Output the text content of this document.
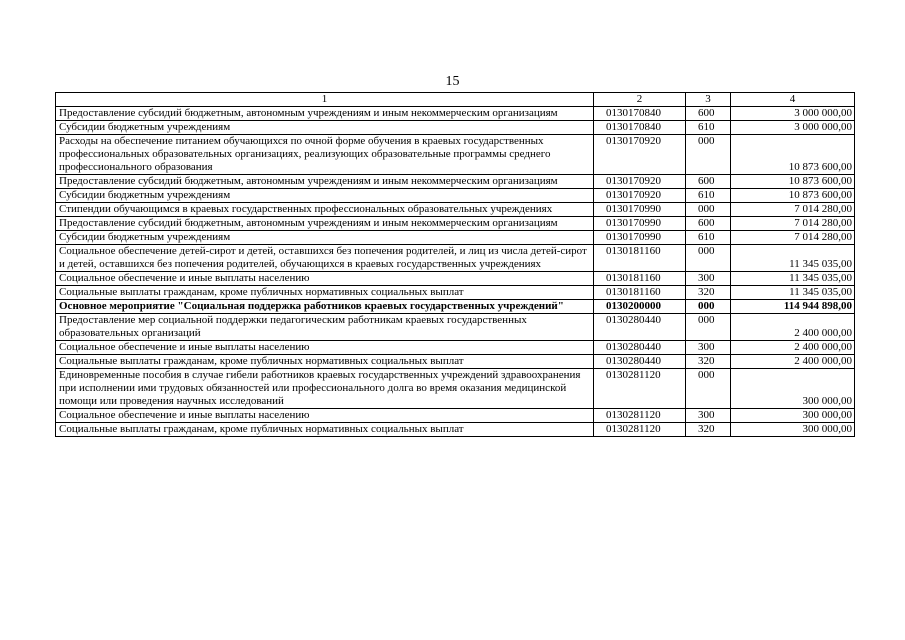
15
1	2	3	4
Предоставление субсидий бюджетным, автономным учреждениям и иным некоммерческим организациям	0130170840	600	3 000 000,00
Субсидии бюджетным учреждениям	0130170840	610	3 000 000,00
Расходы на обеспечение питанием обучающихся по очной форме обучения в краевых государственных профессиональных образовательных организациях, реализующих образовательные программы среднего профессионального образования	0130170920	000	10 873 600,00
Предоставление субсидий бюджетным, автономным учреждениям и иным некоммерческим организациям	0130170920	600	10 873 600,00
Субсидии бюджетным учреждениям	0130170920	610	10 873 600,00
Стипендии обучающимся в краевых государственных профессиональных образовательных учреждениях	0130170990	000	7 014 280,00
Предоставление субсидий бюджетным, автономным учреждениям и иным некоммерческим организациям	0130170990	600	7 014 280,00
Субсидии бюджетным учреждениям	0130170990	610	7 014 280,00
Социальное обеспечение детей-сирот и детей, оставшихся без попечения родителей, и лиц из числа детей-сирот и детей, оставшихся без попечения родителей, обучающихся в краевых государственных учреждениях	0130181160	000	11 345 035,00
Социальное обеспечение и иные выплаты населению	0130181160	300	11 345 035,00
Социальные выплаты гражданам, кроме публичных нормативных социальных выплат	0130181160	320	11 345 035,00
Основное мероприятие "Социальная поддержка работников краевых государственных учреждений"	0130200000	000	114 944 898,00
Предоставление мер социальной поддержки педагогическим работникам краевых государственных образовательных организаций	0130280440	000	2 400 000,00
Социальное обеспечение и иные выплаты населению	0130280440	300	2 400 000,00
Социальные выплаты гражданам, кроме публичных нормативных социальных выплат	0130280440	320	2 400 000,00
Единовременные пособия в случае гибели работников краевых государственных учреждений здравоохранения при исполнении ими трудовых обязанностей или профессионального долга во время оказания медицинской помощи или проведения научных исследований	0130281120	000	300 000,00
Социальное обеспечение и иные выплаты населению	0130281120	300	300 000,00
Социальные выплаты гражданам, кроме публичных нормативных социальных выплат	0130281120	320	300 000,00
